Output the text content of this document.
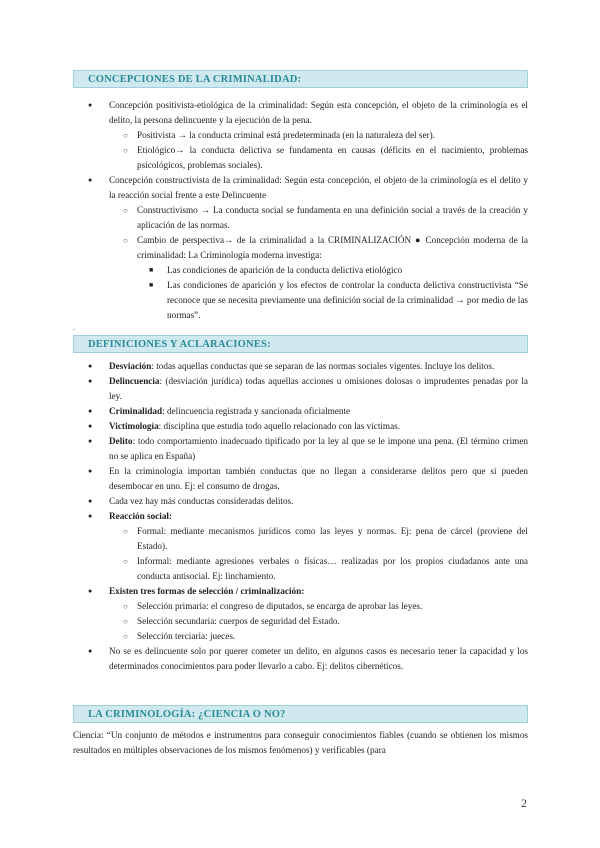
CONCEPCIONES DE LA CRIMINALIDAD:
● Concepción positivista-etiológica de la criminalidad: Según esta concepción, el objeto de la criminología es el delito, la persona delincuente y la ejecución de la pena.
○ Positivista → la conducta criminal está predeterminada (en la naturaleza del ser).
○ Etiológico→ la conducta delictiva se fundamenta en causas (déficits en el nacimiento, problemas psicológicos, problemas sociales).
● Concepción constructivista de la criminalidad: Según esta concepción, el objeto de la criminología es el delito y la reacción social frente a este Delincuente
○ Constructivismo → La conducta social se fundamenta en una definición social a través de la creación y aplicación de las normas.
○ Cambio de perspectiva→ de la criminalidad a la CRIMINALIZACIÓN ● Concepción moderna de la criminalidad: La Criminología moderna investiga:
■ Las condiciones de aparición de la conducta delictiva etiológico
■ Las condiciones de aparición y los efectos de controlar la conducta delictiva constructivista “Se reconoce que se necesita previamente una definición social de la criminalidad → por medio de las normas”.
.
DEFINICIONES Y ACLARACIONES:
● Desviación: todas aquellas conductas que se separan de las normas sociales vigentes. Incluye los delitos.
● Delincuencia: (desviación jurídica) todas aquellas acciones u omisiones dolosas o imprudentes penadas por la ley.
● Criminalidad: delincuencia registrada y sancionada oficialmente
● Victimología: disciplina que estudia todo aquello relacionado con las víctimas.
● Delito: todo comportamiento inadecuado tipificado por la ley al que se le impone una pena. (El término crimen no se aplica en España)
● En la criminología importan también conductas que no llegan a considerarse delitos pero que sí pueden desembocar en uno. Ej: el consumo de drogas.
● Cada vez hay más conductas consideradas delitos.
● Reacción social:
○ Formal: mediante mecanismos jurídicos como las leyes y normas. Ej: pena de cárcel (proviene del Estado).
○ Informal: mediante agresiones verbales o físicas… realizadas por los propios ciudadanos ante una conducta antisocial. Ej: linchamiento.
● Existen tres formas de selección / criminalización:
○ Selección primaria: el congreso de diputados, se encarga de aprobar las leyes.
○ Selección secundaria: cuerpos de seguridad del Estado.
○ Selección terciaria: jueces.
● No se es delincuente solo por querer cometer un delito, en algunos casos es necesario tener la capacidad y los determinados conocimientos para poder llevarlo a cabo. Ej: delitos cibernéticos.
LA CRIMINOLOGÍA: ¿CIENCIA O NO?
Ciencia: “Un conjunto de métodos e instrumentos para conseguir conocimientos fiables (cuando se obtienen los mismos resultados en múltiples observaciones de los mismos fenómenos) y verificables (para
2
